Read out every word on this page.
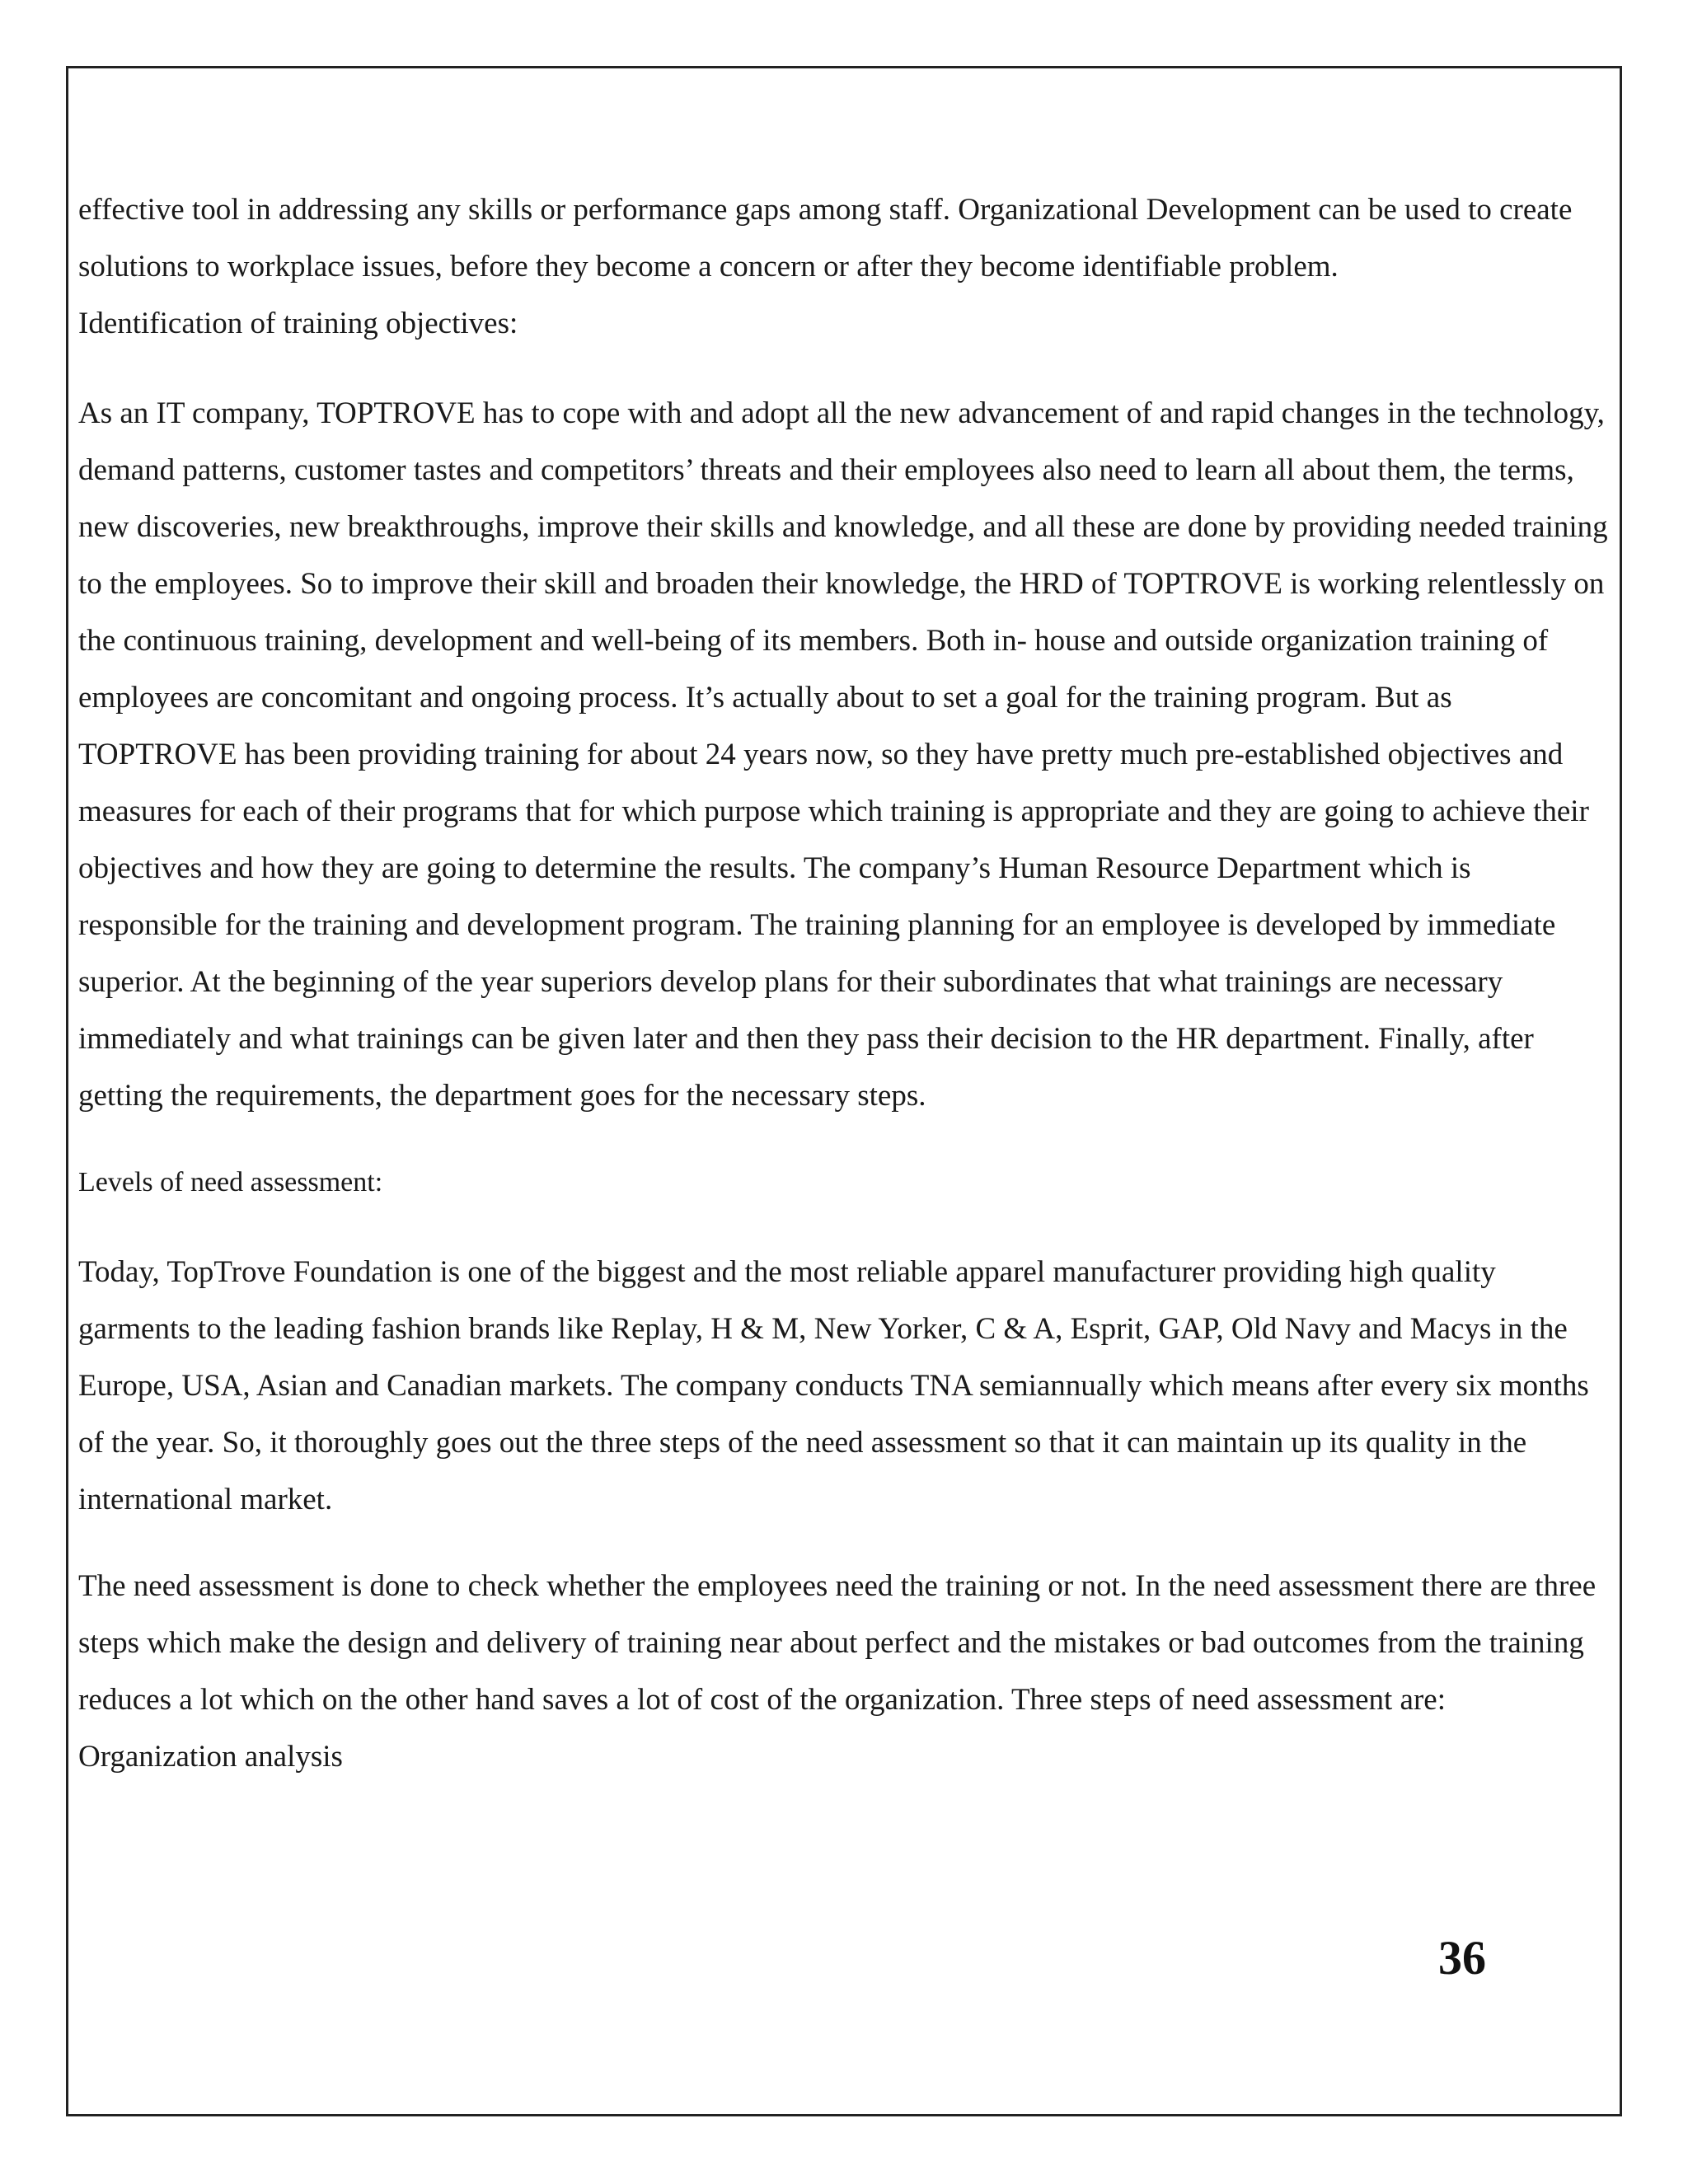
effective tool in addressing any skills or performance gaps among staff. Organizational Development can be used to create solutions to workplace issues, before they become a concern or after they become identifiable problem.

Identification of training objectives:

As an IT company, TOPTROVE has to cope with and adopt all the new advancement of and rapid changes in the technology, demand patterns, customer tastes and competitors’ threats and their employees also need to learn all about them, the terms, new discoveries, new breakthroughs, improve their skills and knowledge, and all these are done by providing needed training to the employees. So to improve their skill and broaden their knowledge, the HRD of TOPTROVE is working relentlessly on the continuous training, development and well-being of its members. Both in- house and outside organization training of employees are concomitant and ongoing process. It’s actually about to set a goal for the training program. But as TOPTROVE has been providing training for about 24 years now, so they have pretty much pre-established objectives and measures for each of their programs that for which purpose which training is appropriate and they are going to achieve their objectives and how they are going to determine the results. The company’s Human Resource Department which is responsible for the training and development program. The training planning for an employee is developed by immediate superior. At the beginning of the year superiors develop plans for their subordinates that what trainings are necessary immediately and what trainings can be given later and then they pass their decision to the HR department. Finally, after getting the requirements, the department goes for the necessary steps.

Levels of need assessment:

Today, TopTrove Foundation is one of the biggest and the most reliable apparel manufacturer providing high quality garments to the leading fashion brands like Replay, H & M, New Yorker, C & A, Esprit, GAP, Old Navy and Macys in the Europe, USA, Asian and Canadian markets. The company conducts TNA semiannually which means after every six months of the year. So, it thoroughly goes out the three steps of the need assessment so that it can maintain up its quality in the international market.

The need assessment is done to check whether the employees need the training or not. In the need assessment there are three steps which make the design and delivery of training near about perfect and the mistakes or bad outcomes from the training reduces a lot which on the other hand saves a lot of cost of the organization. Three steps of need assessment are:

Organization analysis

36
